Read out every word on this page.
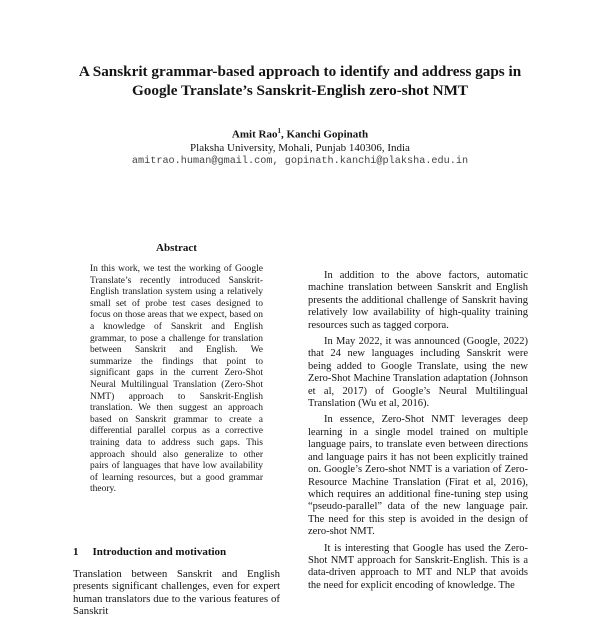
A Sanskrit grammar-based approach to identify and address gaps in
Google Translate’s Sanskrit-English zero-shot NMT
Amit Rao$^1$, Kanchi Gopinath
Plaksha University, Mohali, Punjab 140306, India
amitrao.human@gmail.com, gopinath.kanchi@plaksha.edu.in
Abstract

In this work, we test the working of Google Translate’s recently introduced Sanskrit-English translation system using a relatively small set of probe test cases designed to focus on those areas that we expect, based on a knowledge of Sanskrit and English grammar, to pose a challenge for translation between Sanskrit and English. We summarize the findings that point to significant gaps in the current Zero-Shot Neural Multilingual Translation (Zero-Shot NMT) approach to Sanskrit-English translation. We then suggest an approach based on Sanskrit grammar to create a differential parallel corpus as a corrective training data to address such gaps. This approach should also generalize to other pairs of languages that have low availability of learning resources, but a good grammar theory.

1 Introduction and motivation

Translation between Sanskrit and English presents significant challenges, even for expert human translators due to the various features of Sanskrit

In addition to the above factors, automatic machine translation between Sanskrit and English presents the additional challenge of Sanskrit having relatively low availability of high-quality training resources such as tagged corpora.

In May 2022, it was announced (Google, 2022) that 24 new languages including Sanskrit were being added to Google Translate, using the new Zero-Shot Machine Translation adaptation (Johnson et al, 2017) of Google’s Neural Multilingual Translation (Wu et al, 2016).

In essence, Zero-Shot NMT leverages deep learning in a single model trained on multiple language pairs, to translate even between directions and language pairs it has not been explicitly trained on. Google’s Zero-shot NMT is a variation of Zero-Resource Machine Translation (Firat et al, 2016), which requires an additional fine-tuning step using “pseudo-parallel” data of the new language pair. The need for this step is avoided in the design of zero-shot NMT.

It is interesting that Google has used the Zero-Shot NMT approach for Sanskrit-English. This is a data-driven approach to MT and NLP that avoids the need for explicit encoding of knowledge. The
